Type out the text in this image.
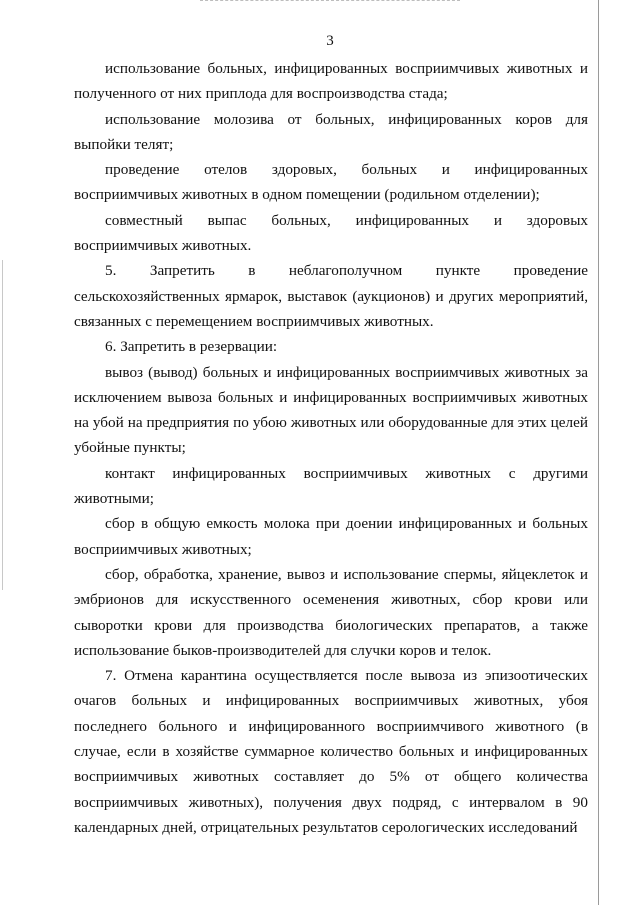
3

использование больных, инфицированных восприимчивых животных и полученного от них приплода для воспроизводства стада;

использование молозива от больных, инфицированных коров для выпойки телят;

проведение отелов здоровых, больных и инфицированных восприимчивых животных в одном помещении (родильном отделении);

совместный выпас больных, инфицированных и здоровых восприимчивых животных.

5. Запретить в неблагополучном пункте проведение сельскохозяйственных ярмарок, выставок (аукционов) и других мероприятий, связанных с перемещением восприимчивых животных.

6. Запретить в резервации:

вывоз (вывод) больных и инфицированных восприимчивых животных за исключением вывоза больных и инфицированных восприимчивых животных на убой на предприятия по убою животных или оборудованные для этих целей убойные пункты;

контакт инфицированных восприимчивых животных с другими животными;

сбор в общую емкость молока при доении инфицированных и больных восприимчивых животных;

сбор, обработка, хранение, вывоз и использование спермы, яйцеклеток и эмбрионов для искусственного осеменения животных, сбор крови или сыворотки крови для производства биологических препаратов, а также использование быков-производителей для случки коров и телок.

7. Отмена карантина осуществляется после вывоза из эпизоотических очагов больных и инфицированных восприимчивых животных, убоя последнего больного и инфицированного восприимчивого животного (в случае, если в хозяйстве суммарное количество больных и инфицированных восприимчивых животных составляет до 5% от общего количества восприимчивых животных), получения двух подряд, с интервалом в 90 календарных дней, отрицательных результатов серологических исследований
